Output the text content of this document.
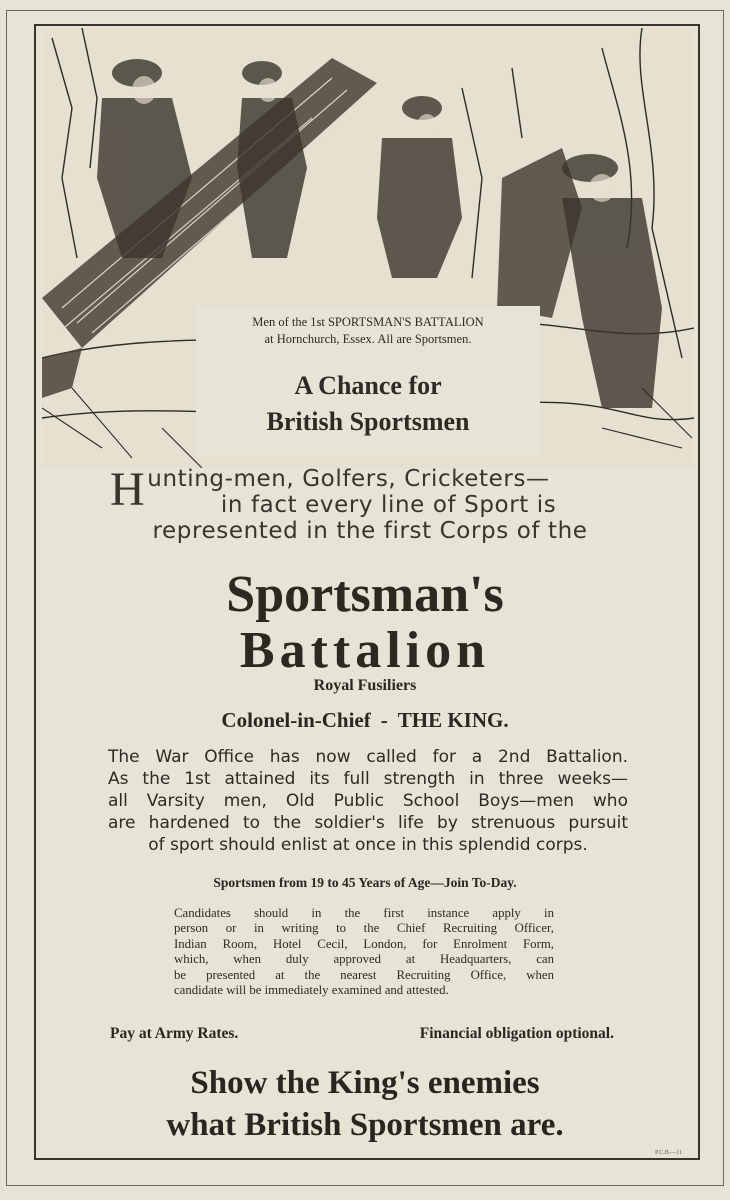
Men of the 1st SPORTSMAN'S BATTALION
at Hornchurch, Essex. All are Sportsmen.
A Chance for
British Sportsmen
Hunting-men, Golfers, Cricketers—
in fact every line of Sport is
represented in the first Corps of the
Sportsman's
Battalion
Royal Fusiliers
Colonel-in-Chief - THE KING.
The War Office has now called for a 2nd Battalion.
As the 1st attained its full strength in three weeks—
all Varsity men, Old Public School Boys—men who
are hardened to the soldier's life by strenuous pursuit
of sport should enlist at once in this splendid corps.
Sportsmen from 19 to 45 Years of Age—Join To-Day.
Candidates should in the first instance apply in
person or in writing to the Chief Recruiting Officer,
Indian Room, Hotel Cecil, London, for Enrolment Form,
which, when duly approved at Headquarters, can
be presented at the nearest Recruiting Office, when
candidate will be immediately examined and attested.
Pay at Army Rates.	Financial obligation optional.
Show the King's enemies
what British Sportsmen are.
P.C.B.—11
